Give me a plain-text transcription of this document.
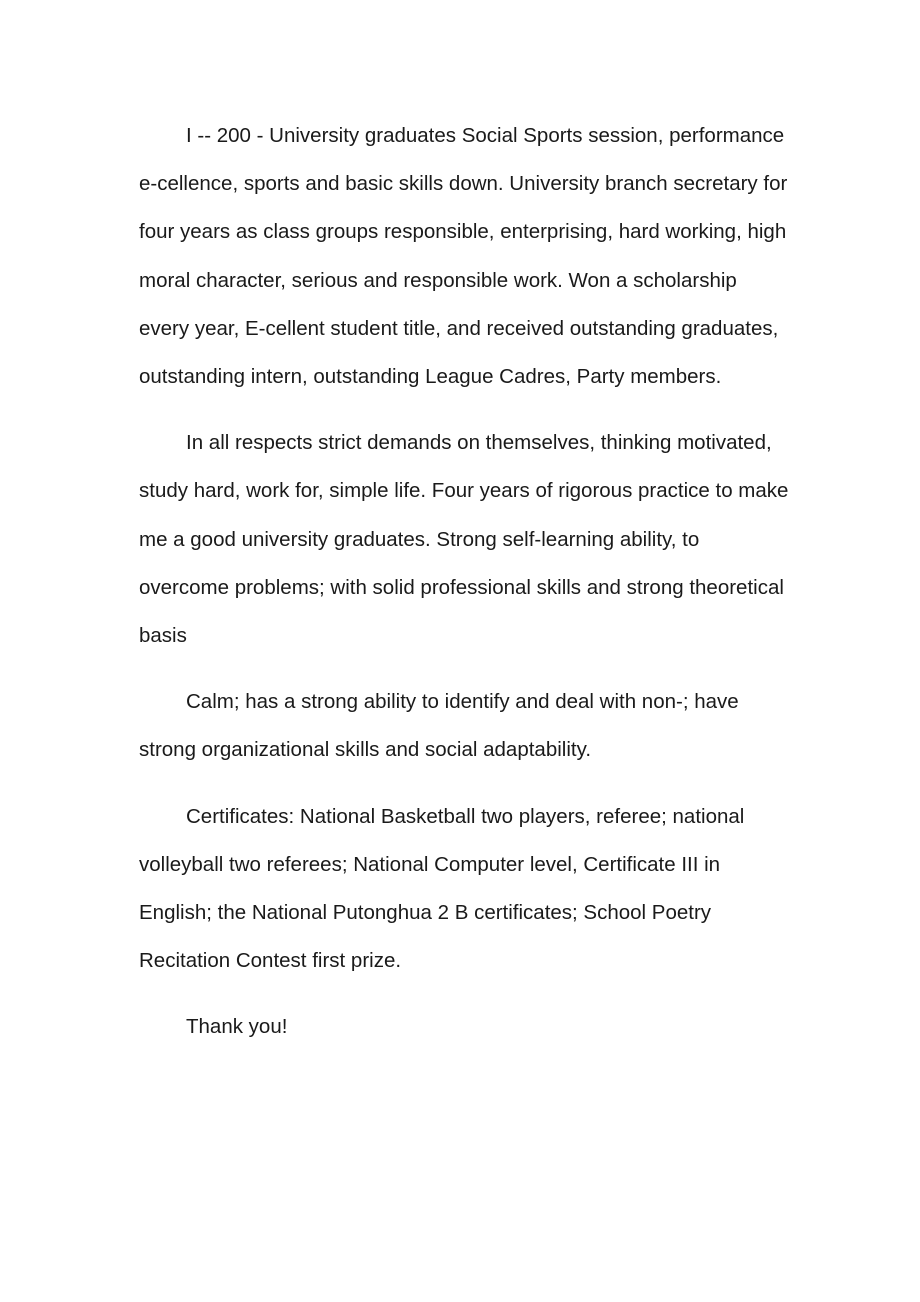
I -- 200 - University graduates Social Sports session, performance e-cellence, sports and basic skills down. University branch secretary for four years as class groups responsible, enterprising, hard working, high moral character, serious and responsible work. Won a scholarship every year, E-cellent student title, and received outstanding graduates, outstanding intern, outstanding League Cadres, Party members.

In all respects strict demands on themselves, thinking motivated, study hard, work for, simple life. Four years of rigorous practice to make me a good university graduates. Strong self-learning ability, to overcome problems; with solid professional skills and strong theoretical basis

Calm; has a strong ability to identify and deal with non-; have strong organizational skills and social adaptability.

Certificates: National Basketball two players, referee; national volleyball two referees; National Computer level, Certificate III in English; the National Putonghua 2 B certificates; School Poetry Recitation Contest first prize.

Thank you!
